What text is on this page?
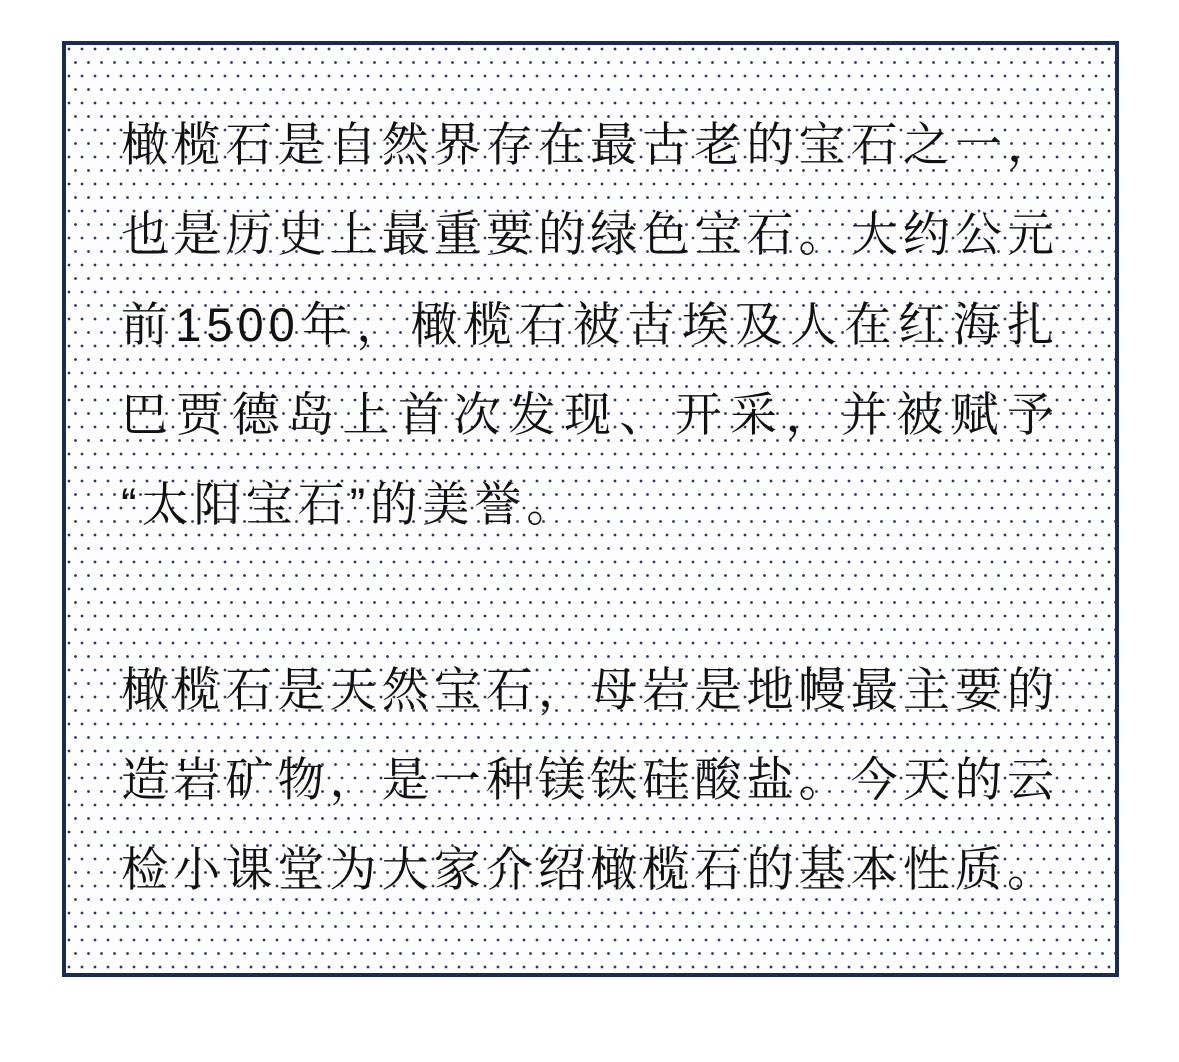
橄榄石是自然界存在最古老的宝石之一，
也是历史上最重要的绿色宝石。大约公元
前1500年，橄榄石被古埃及人在红海扎
巴贾德岛上首次发现、开采，并被赋予
“太阳宝石”的美誉。
橄榄石是天然宝石，母岩是地幔最主要的
造岩矿物，是一种镁铁硅酸盐。今天的云
检小课堂为大家介绍橄榄石的基本性质。
